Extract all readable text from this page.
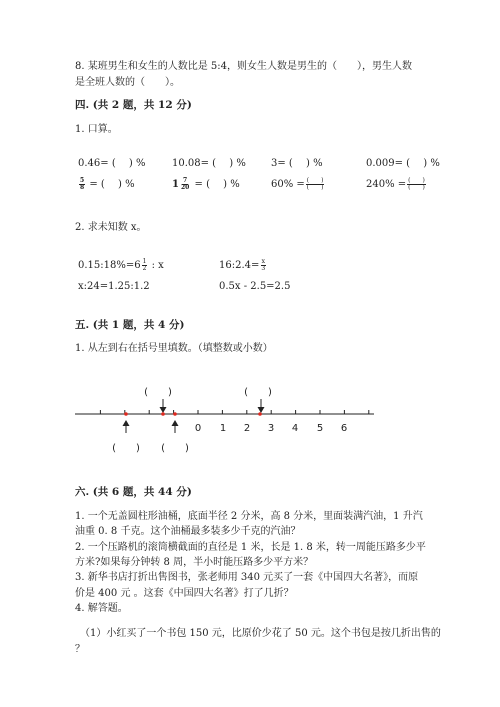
8. 某班男生和女生的人数比是 5:4，则女生人数是男生的（　　），男生人数
是全班人数的（　　）。
四. (共 2 题，共 12 分)
1. 口算。
0.46= (　 ) %	10.08= (　 ) %	3= (　 ) %	0.009= (　 ) %
$\frac{5}{8}$ = (　 ) %	$1 \frac{7}{20}$ = (　 ) %	$60\% = \frac{( )}{( )}$	$240\% = \frac{( )}{( )}$
2. 求未知数 x。
0.15:18%=6 $\frac{1}{2}$ : x	16:2.4= $\frac{x}{3}$
x:24=1.25:1.2	0.5x - 2.5=2.5
五. (共 1 题，共 4 分)
1. 从左到右在括号里填数。（填整数或小数）
(　　)	(　　)
0 1 2 3 4 5 6
(　　) (　　)
六. (共 6 题，共 44 分)
1. 一个无盖圆柱形油桶，底面半径 2 分米，高 8 分米，里面装满汽油，1 升汽
油重 0. 8 千克。这个油桶最多装多少千克的汽油？
2. 一个压路机的滚筒横截面的直径是 1 米，长是 1. 8 米，转一周能压路多少平
方米?如果每分钟转 8 周，半小时能压路多少平方米？
3. 新华书店打折出售图书，张老师用 340 元买了一套《中国四大名著》，而原
价是 400 元 。这套《中国四大名著》打了几折？
4. 解答题。
（1）小红买了一个书包 150 元，比原价少花了 50 元。这个书包是按几折出售的
？
